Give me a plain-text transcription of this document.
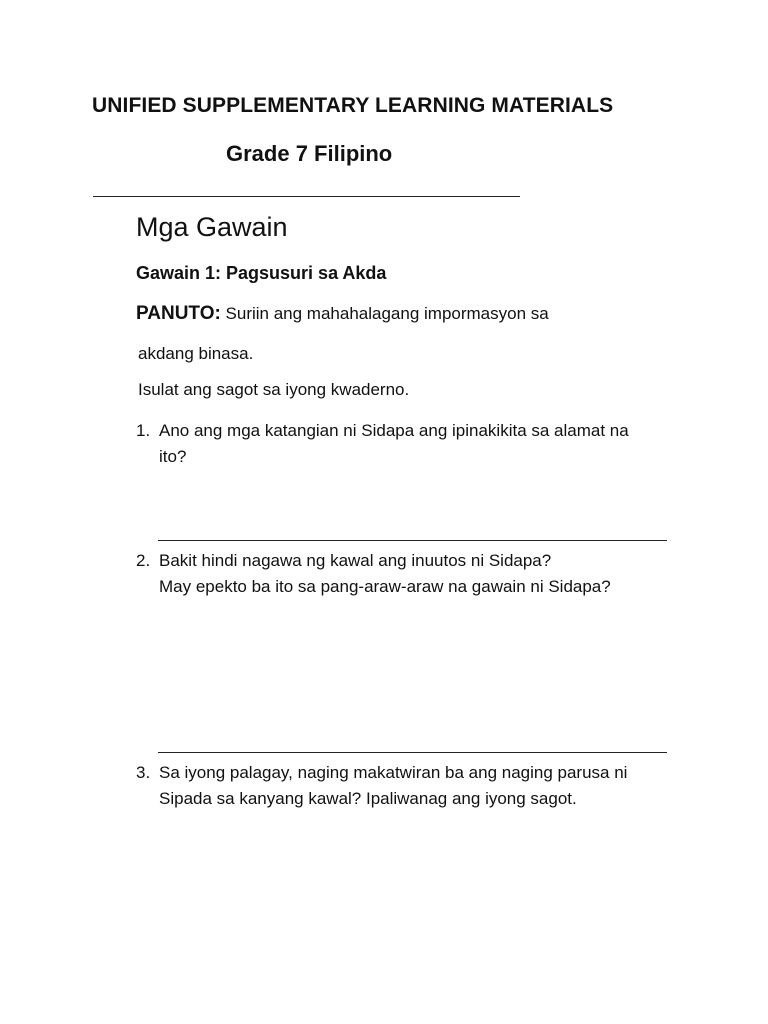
UNIFIED SUPPLEMENTARY LEARNING MATERIALS
Grade 7 Filipino
Mga Gawain
Gawain 1: Pagsusuri sa Akda
PANUTO: Suriin ang mahahalagang impormasyon sa
akdang binasa.
Isulat ang sagot sa iyong kwaderno.
1. Ano ang mga katangian ni Sidapa ang ipinakikita sa alamat na
ito?
2. Bakit hindi nagawa ng kawal ang inuutos ni Sidapa?
May epekto ba ito sa pang-araw-araw na gawain ni Sidapa?
3. Sa iyong palagay, naging makatwiran ba ang naging parusa ni
Sipada sa kanyang kawal? Ipaliwanag ang iyong sagot.
